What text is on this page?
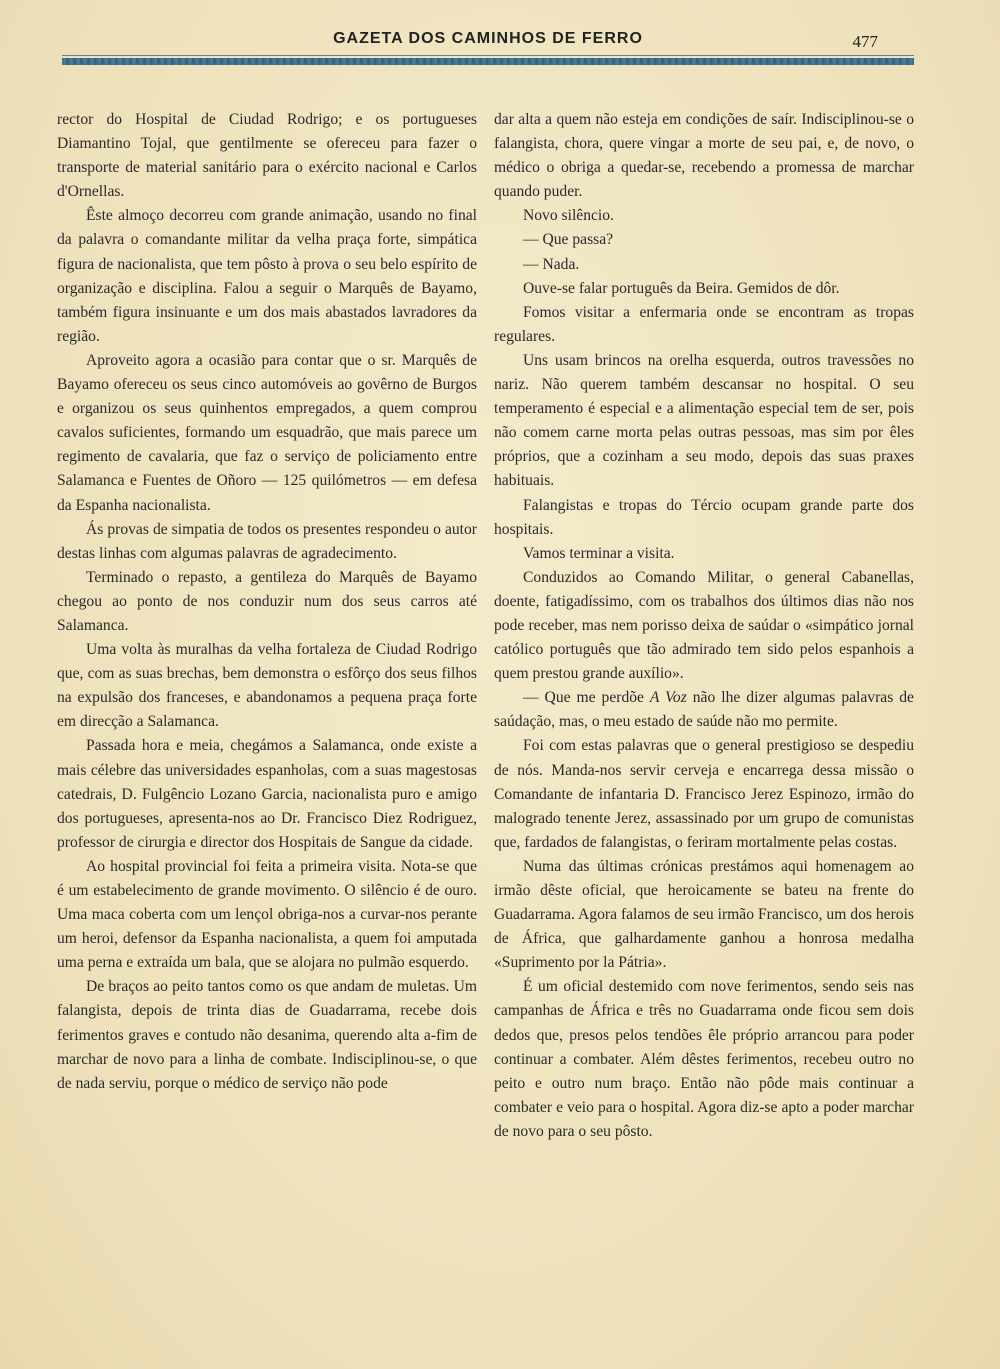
GAZETA DOS CAMINHOS DE FERRO	477

rector do Hospital de Ciudad Rodrigo; e os portugueses Diamantino Tojal, que gentilmente se ofereceu para fazer o transporte de material sanitário para o exército nacional e Carlos d'Ornellas.

Êste almoço decorreu com grande animação, usando no final da palavra o comandante militar da velha praça forte, simpática figura de nacionalista, que tem pôsto à prova o seu belo espírito de organização e disciplina. Falou a seguir o Marquês de Bayamo, também figura insinuante e um dos mais abastados lavradores da região.

Aproveito agora a ocasião para contar que o sr. Marquês de Bayamo ofereceu os seus cinco automóveis ao govêrno de Burgos e organizou os seus quinhentos empregados, a quem comprou cavalos suficientes, formando um esquadrão, que mais parece um regimento de cavalaria, que faz o serviço de policiamento entre Salamanca e Fuentes de Oñoro — 125 quilómetros — em defesa da Espanha nacionalista.

Ás provas de simpatia de todos os presentes respondeu o autor destas linhas com algumas palavras de agradecimento.

Terminado o repasto, a gentileza do Marquês de Bayamo chegou ao ponto de nos conduzir num dos seus carros até Salamanca.

Uma volta às muralhas da velha fortaleza de Ciudad Rodrigo que, com as suas brechas, bem demonstra o esfôrço dos seus filhos na expulsão dos franceses, e abandonamos a pequena praça forte em direcção a Salamanca.

Passada hora e meia, chegámos a Salamanca, onde existe a mais célebre das universidades espanholas, com a suas magestosas catedrais, D. Fulgêncio Lozano Garcia, nacionalista puro e amigo dos portugueses, apresenta-nos ao Dr. Francisco Diez Rodriguez, professor de cirurgia e director dos Hospitais de Sangue da cidade.

Ao hospital provincial foi feita a primeira visita. Nota-se que é um estabelecimento de grande movimento. O silêncio é de ouro. Uma maca coberta com um lençol obriga-nos a curvar-nos perante um heroi, defensor da Espanha nacionalista, a quem foi amputada uma perna e extraída um bala, que se alojara no pulmão esquerdo.

De braços ao peito tantos como os que andam de muletas. Um falangista, depois de trinta dias de Guadarrama, recebe dois ferimentos graves e contudo não desanima, querendo alta a-fim de marchar de novo para a linha de combate. Indisciplinou-se, o que de nada serviu, porque o médico de serviço não pode

dar alta a quem não esteja em condições de saír. Indisciplinou-se o falangista, chora, quere vingar a morte de seu pai, e, de novo, o médico o obriga a quedar-se, recebendo a promessa de marchar quando puder.

Novo silêncio.

— Que passa?

— Nada.

Ouve-se falar português da Beira. Gemidos de dôr.

Fomos visitar a enfermaria onde se encontram as tropas regulares.

Uns usam brincos na orelha esquerda, outros travessões no nariz. Não querem também descansar no hospital. O seu temperamento é especial e a alimentação especial tem de ser, pois não comem carne morta pelas outras pessoas, mas sim por êles próprios, que a cozinham a seu modo, depois das suas praxes habituais.

Falangistas e tropas do Tércio ocupam grande parte dos hospitais.

Vamos terminar a visita.

Conduzidos ao Comando Militar, o general Cabanellas, doente, fatigadíssimo, com os trabalhos dos últimos dias não nos pode receber, mas nem porisso deixa de saúdar o «simpático jornal católico português que tão admirado tem sido pelos espanhois a quem prestou grande auxílio».

— Que me perdõe A Voz não lhe dizer algumas palavras de saúdação, mas, o meu estado de saúde não mo permite.

Foi com estas palavras que o general prestigioso se despediu de nós. Manda-nos servir cerveja e encarrega dessa missão o Comandante de infantaria D. Francisco Jerez Espinozo, irmão do malogrado tenente Jerez, assassinado por um grupo de comunistas que, fardados de falangistas, o feriram mortalmente pelas costas.

Numa das últimas crónicas prestámos aqui homenagem ao irmão dêste oficial, que heroicamente se bateu na frente do Guadarrama. Agora falamos de seu irmão Francisco, um dos herois de África, que galhardamente ganhou a honrosa medalha «Suprimento por la Pátria».

É um oficial destemido com nove ferimentos, sendo seis nas campanhas de África e três no Guadarrama onde ficou sem dois dedos que, presos pelos tendões êle próprio arrancou para poder continuar a combater. Além dêstes ferimentos, recebeu outro no peito e outro num braço. Então não pôde mais continuar a combater e veio para o hospital. Agora diz-se apto a poder marchar de novo para o seu pôsto.
